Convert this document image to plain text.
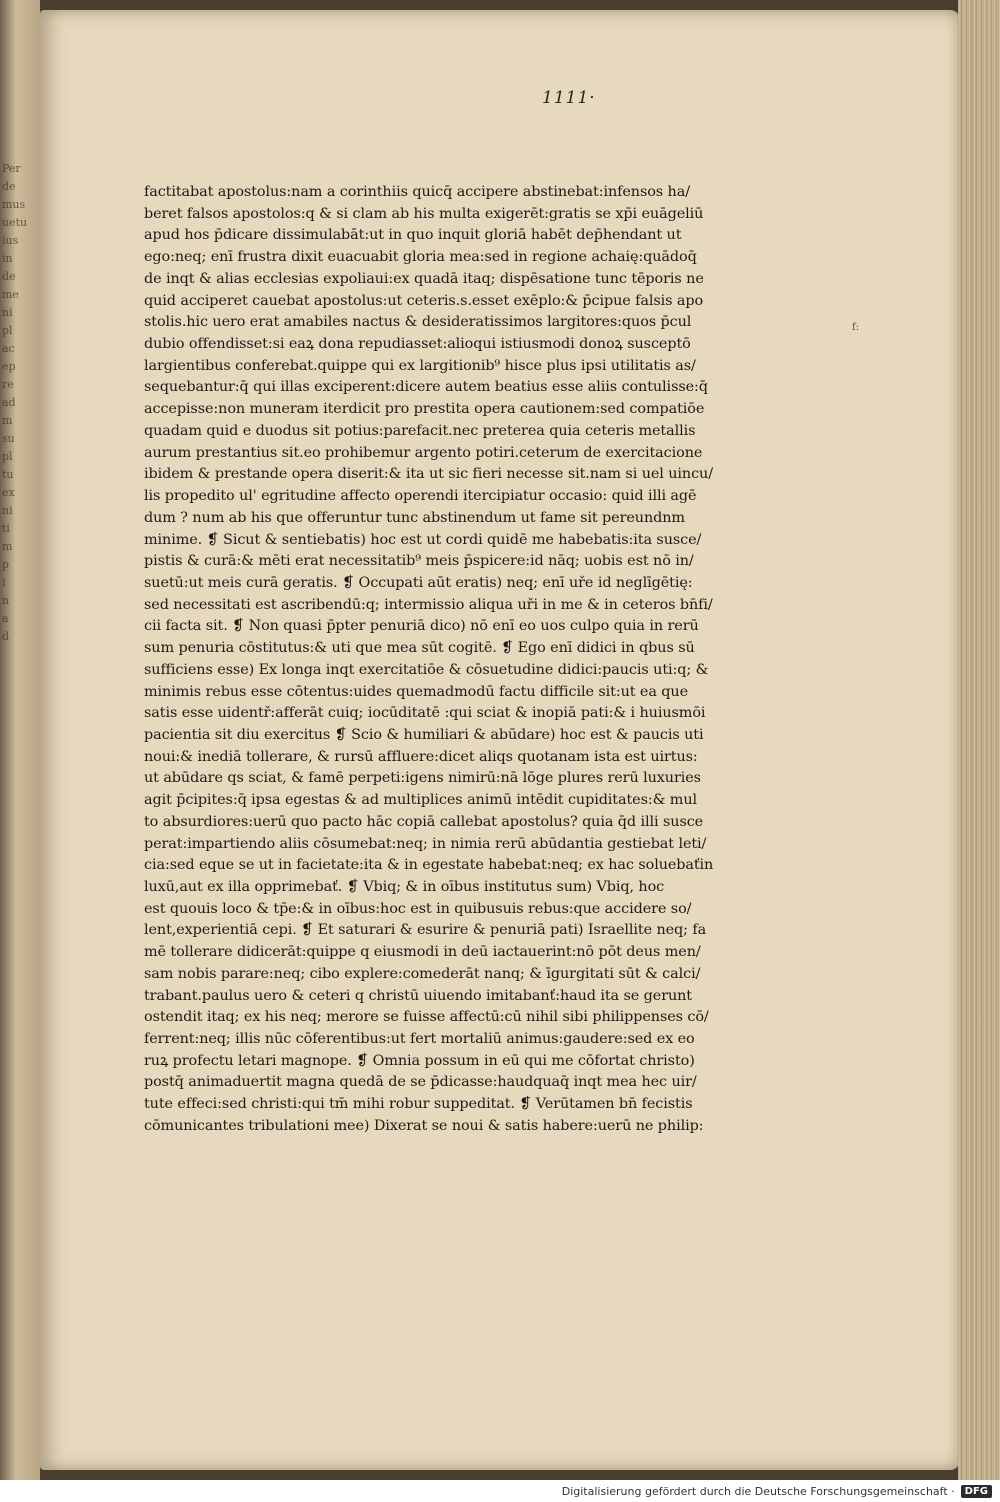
Per
de
mus
uetu
ius
in
de
me
ni
pl
ac
ep
re
ad
m
su
pl
tu
ex
ni
ti
m
p
i
n
a
d
1111·
f:
factitabat apostolus:nam a corinthiis quicq̄ accipere abstinebat:infensos ha/
beret falsos apostolos:q & si clam ab his multa exigerēt:gratis se xp̄i euāgeliū
apud hos p̄dicare dissimulabāt:ut in quo inquit gloriā habēt dep̄hendant ut
ego:neq; enī frustra dixit euacuabit gloria mea:sed in regione achaię:quādoq̄
de inqt & alias ecclesias expoliaui:ex quadā itaq; dispēsatione tunc tēporis ne
quid acciperet cauebat apostolus:ut ceteris.s.esset exēplo:& p̄cipue falsis apo
stolis.hic uero erat amabiles nactus & desideratissimos largitores:quos p̄cul
dubio offendisset:si eaꝝ dona repudiasset:alioqui istiusmodi donoꝝ susceptō
largientibus conferebat.quippe qui ex largitionib⁹ hisce plus ipsi utilitatis as/
sequebantur:q̄ qui illas exciperent:dicere autem beatius esse aliis contulisse:q̄
accepisse:non muneram iterdicit pro prestita opera cautionem:sed compatiōe
quadam quid e duodus sit potius:parefacit.nec preterea quia ceteris metallis
aurum prestantius sit.eo prohibemur argento potiri.ceterum de exercitacione
ibidem & prestande opera diserit:& ita ut sic fieri necesse sit.nam si uel uincu/
lis propedito ul' egritudine affecto operendi itercipiatur occasio: quid illi agē
dum ? num ab his que offeruntur tunc abstinendum ut fame sit pereundnm
minime. ❡ Sicut & sentiebatis) hoc est ut cordi quidē me habebatis:ita susce/
pistis & curā:& mēti erat necessitatib⁹ meis p̄spicere:id nāq; uobis est nō in/
suetū:ut meis curā geratis. ❡ Occupati aūt eratis) neq; enī uře id neglīgētię:
sed necessitati est ascribendū:q; intermissio aliqua uři in me & in ceteros bn̄fi/
cii facta sit. ❡ Non quasi p̄pter penuriā dico) nō enī eo uos culpo quia in rerū
sum penuria cōstitutus:& uti que mea sūt cogitē. ❡ Ego enī didici in qbus sū
sufficiens esse) Ex longa inqt exercitatiōe & cōsuetudine didici:paucis uti:q; &
minimis rebus esse cōtentus:uides quemadmodū factu difficile sit:ut ea que
satis esse uidentř:afferāt cuiq; iocūditatē :qui sciat & inopiā pati:& i huiusmōi
pacientia sit diu exercitus ❡ Scio & humiliari & abūdare) hoc est & paucis uti
noui:& inediā tollerare, & rursū affluere:dicet aliqs quotanam ista est uirtus:
ut abūdare qs sciat, & famē perpeti:igens nimirū:nā lōge plures rerū luxuries
agit p̄cipites:q̄ ipsa egestas & ad multiplices animū intēdit cupiditates:& mul
to absurdiores:uerū quo pacto hāc copiā callebat apostolus? quia q̄d illi susce
perat:impartiendo aliis cōsumebat:neq; in nimia rerū abūdantia gestiebat leti/
cia:sed eque se ut in facietate:ita & in egestate habebat:neq; ex hac soluebaťin
luxū,aut ex illa opprimebať. ❡ Vbiq; & in oībus institutus sum) Vbiq, hoc
est quouis loco & tp̄e:& in oībus:hoc est in quibusuis rebus:que accidere so/
lent,experientiā cepi. ❡ Et saturari & esurire & penuriā pati) Israellite neq; fa
mē tollerare didicerāt:quippe q eiusmodi in deū iactauerint:nō pōt deus men/
sam nobis parare:neq; cibo explere:comederāt nanq; & īgurgitati sūt & calci/
trabant.paulus uero & ceteri q christū uiuendo imitabanť:haud ita se gerunt
ostendit itaq; ex his neq; merore se fuisse affectū:cū nihil sibi philippenses cō/
ferrent:neq; illis nūc cōferentibus:ut fert mortaliū animus:gaudere:sed ex eo
ruꝝ profectu letari magnope. ❡ Omnia possum in eū qui me cōfortat christo)
postq̄ animaduertit magna quedā de se p̄dicasse:haudquaq̄ inqt mea hec uir/
tute effeci:sed christi:qui tm̄ mihi robur suppeditat. ❡ Verūtamen bn̄ fecistis
cōmunicantes tribulationi mee) Dixerat se noui & satis habere:uerū ne philip:
Digitalisierung gefördert durch die Deutsche Forschungsgemeinschaft ·	DFG
